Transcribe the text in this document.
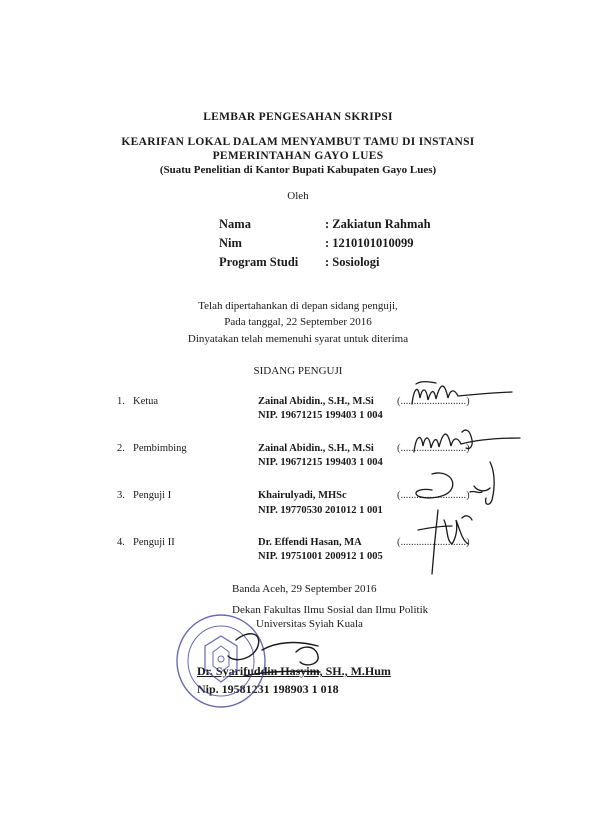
LEMBAR PENGESAHAN SKRIPSI
KEARIFAN LOKAL DALAM MENYAMBUT TAMU DI INSTANSI
PEMERINTAHAN GAYO LUES
(Suatu Penelitian di Kantor Bupati Kabupaten Gayo Lues)
Oleh
Nama	: Zakiatun Rahmah
Nim	: 1210101010099
Program Studi : Sosiologi
Telah dipertahankan di depan sidang penguji,
Pada tanggal, 22 September 2016
Dinyatakan telah memenuhi syarat untuk diterima
SIDANG PENGUJI
1. Ketua	Zainal Abidin., S.H., M.Si
NIP. 19671215 199403 1 004
(.........................)
2. Pembimbing	Zainal Abidin., S.H., M.Si
NIP. 19671215 199403 1 004
(.........................)
3. Penguji I	Khairulyadi, MHSc
NIP. 19770530 201012 1 001
(.........................)
4. Penguji II	Dr. Effendi Hasan, MA
NIP. 19751001 200912 1 005
(.........................)
Banda Aceh, 29 September 2016
Dekan Fakultas Ilmu Sosial dan Ilmu Politik
Universitas Syiah Kuala
Dr. Syarifuddin Hasyim, SH., M.Hum
Nip. 19581231 198903 1 018
